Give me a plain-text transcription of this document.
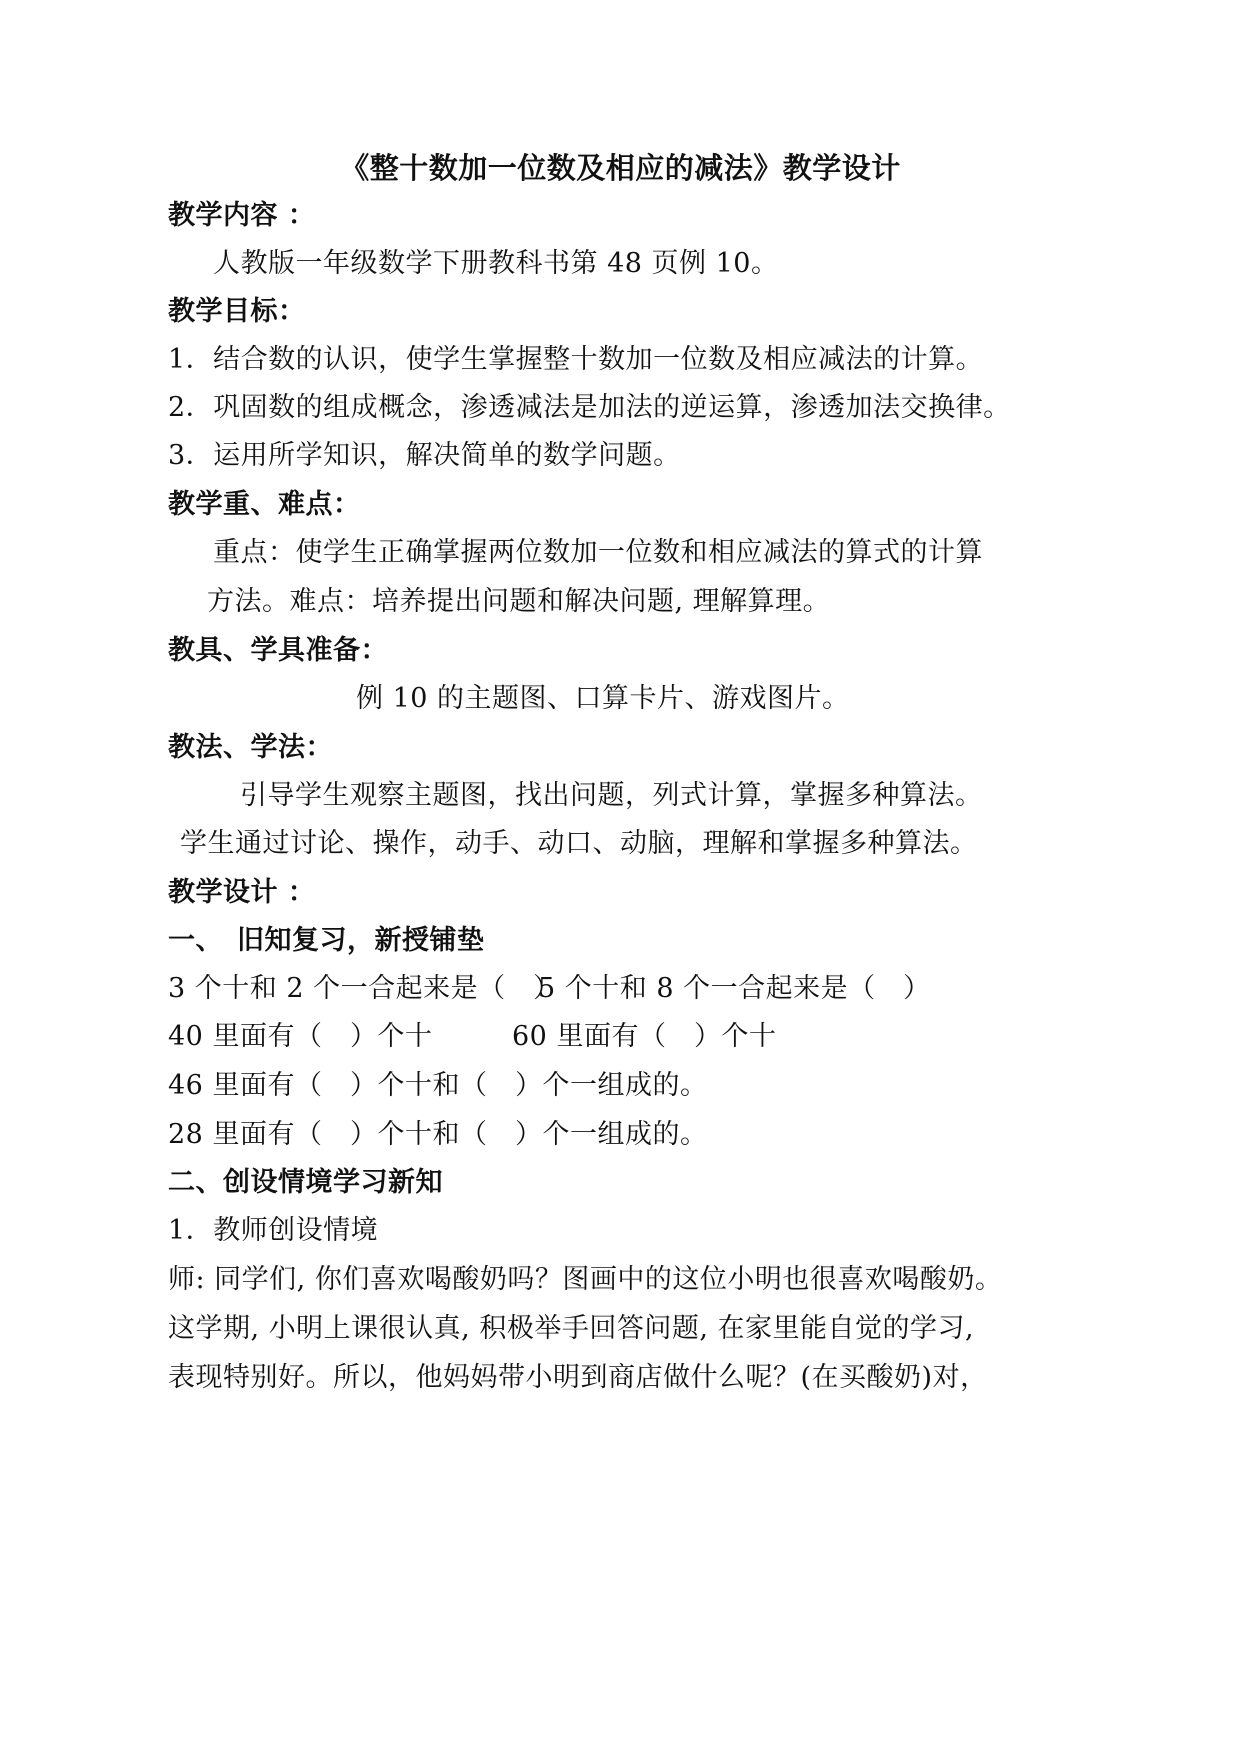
《整十数加一位数及相应的减法》教学设计
教学内容 ：
人教版一年级数学下册教科书第 48 页例 10。
教学目标：
1．结合数的认识，使学生掌握整十数加一位数及相应减法的计算。
2．巩固数的组成概念，渗透减法是加法的逆运算，渗透加法交换律。
3．运用所学知识，解决简单的数学问题。
教学重、难点：
重点：使学生正确掌握两位数加一位数和相应减法的算式的计算
方法。难点：培养提出问题和解决问题, 理解算理。
教具、学具准备：
例 10 的主题图、口算卡片、游戏图片。
教法、学法：
引导学生观察主题图，找出问题，列式计算，掌握多种算法。
学生通过讨论、操作，动手、动口、动脑，理解和掌握多种算法。
教学设计 ：
一、　旧知复习，新授铺垫
3 个十和 2 个一合起来是（　）
5 个十和 8 个一合起来是（　）
40 里面有（　）个十	60 里面有（　）个十
46 里面有（　）个十和（　）个一组成的。
28 里面有（　）个十和（　）个一组成的。
二、创设情境学习新知
1．教师创设情境
师: 同学们, 你们喜欢喝酸奶吗？图画中的这位小明也很喜欢喝酸奶。
这学期, 小明上课很认真, 积极举手回答问题, 在家里能自觉的学习,
表现特别好。所以，他妈妈带小明到商店做什么呢？(在买酸奶)对，
